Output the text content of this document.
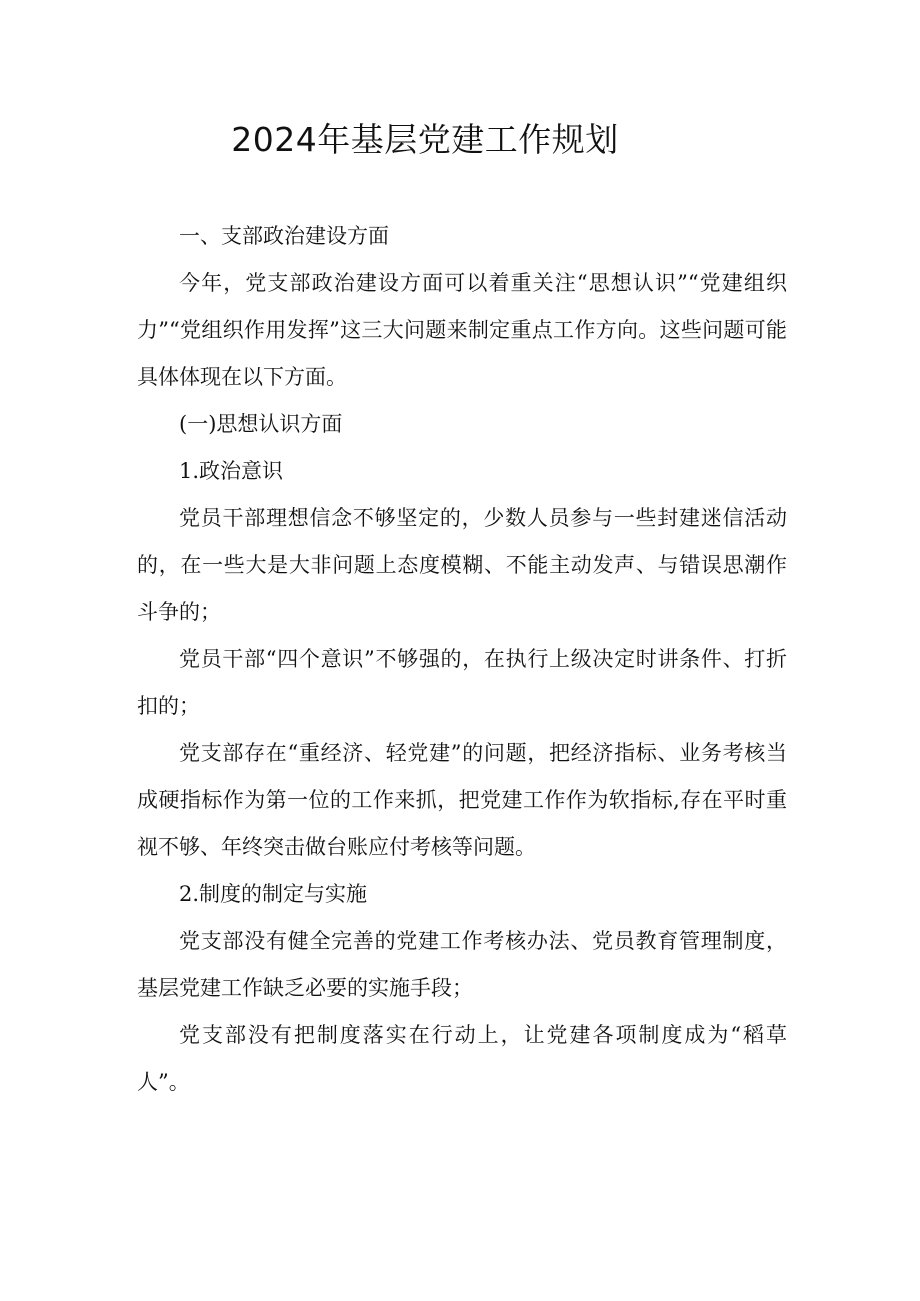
2024年基层党建工作规划

一、支部政治建设方面

今年，党支部政治建设方面可以着重关注“思想认识”“党建组织力”“党组织作用发挥”这三大问题来制定重点工作方向。这些问题可能具体体现在以下方面。

(一)思想认识方面

1.政治意识

党员干部理想信念不够坚定的，少数人员参与一些封建迷信活动的，在一些大是大非问题上态度模糊、不能主动发声、与错误思潮作斗争的；

党员干部“四个意识”不够强的，在执行上级决定时讲条件、打折扣的；

党支部存在“重经济、轻党建”的问题，把经济指标、业务考核当成硬指标作为第一位的工作来抓，把党建工作作为软指标,存在平时重视不够、年终突击做台账应付考核等问题。

2.制度的制定与实施

党支部没有健全完善的党建工作考核办法、党员教育管理制度，基层党建工作缺乏必要的实施手段；

党支部没有把制度落实在行动上，让党建各项制度成为“稻草人”。
